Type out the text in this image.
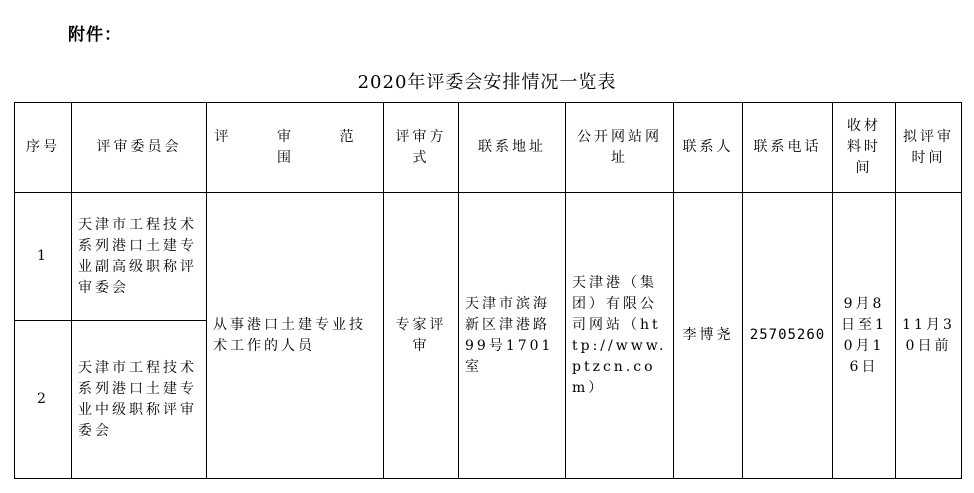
附件：
2020年评委会安排情况一览表
序号	评审委员会	评 审 范 围	评审方式	联系地址	公开网站网址	联系人	联系电话	收材料时间	拟评审时间
1	天津市工程技术系列港口土建专业副高级职称评审委会	从事港口土建专业技术工作的人员	专家评审	天津市滨海新区津港路99号1701室	天津港（集团）有限公司网站（http://www.ptzcn.com）	李博尧	25705260	9月8日至10月16日	11月30日前
2	天津市工程技术系列港口土建专业中级职称评审委会								
